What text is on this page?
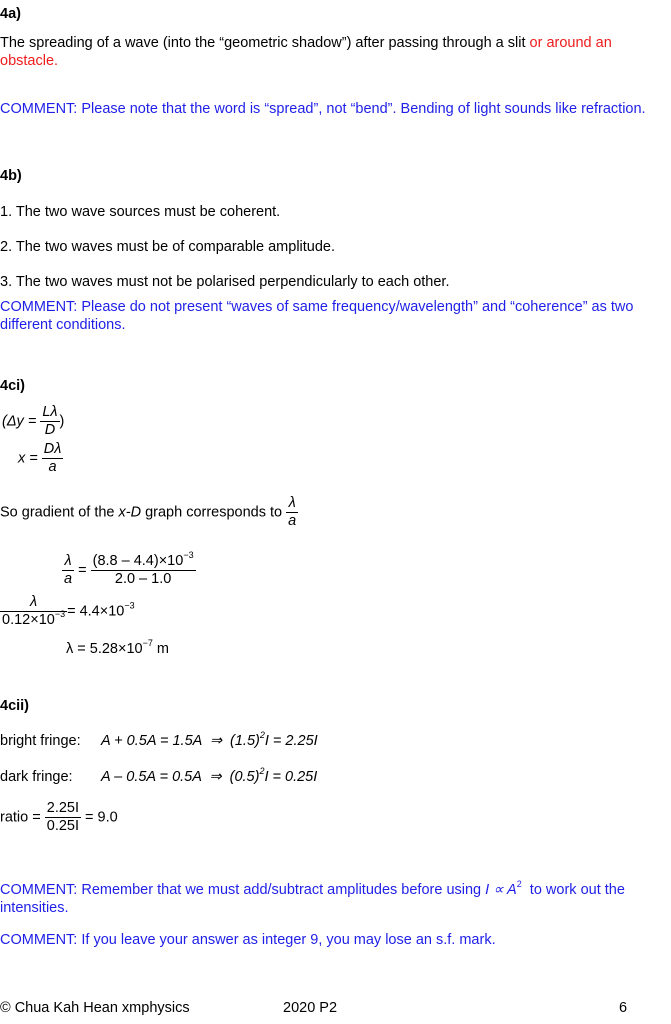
4a)
The spreading of a wave (into the “geometric shadow”) after passing through a slit or around an obstacle.
COMMENT: Please note that the word is “spread”, not “bend”. Bending of light sounds like refraction.
4b)
1. The two wave sources must be coherent.
2. The two waves must be of comparable amplitude.
3. The two waves must not be polarised perpendicularly to each other.
COMMENT: Please do not present “waves of same frequency/wavelength” and “coherence” as two different conditions.
4ci)
($\Delta y = \frac{L\lambda}{D}$ )
$x = \frac{D\lambda}{a}$
So gradient of the x-D graph corresponds to $\frac{\lambda}{a}$
$\frac{\lambda}{a} = \frac{(8.8 - 4.4)\times 10^{-3}}{2.0 - 1.0}$
$\frac{\lambda}{0.12\times 10^{-3}} = 4.4\times 10^{-3}$
$\lambda = 5.28\times 10^{-7}$ m
4cii)
bright fringe: A + 0.5A = 1.5A  ⇒  $(1.5)^2I = 2.25I$
dark fringe: A – 0.5A = 0.5A  ⇒  $(0.5)^2I = 0.25I$
ratio = $\frac{2.25I}{0.25I} = 9.0$
COMMENT: Remember that we must add/subtract amplitudes before using $I \propto A^2$  to work out the intensities.
COMMENT: If you leave your answer as integer 9, you may lose an s.f. mark.
© Chua Kah Hean xmphysics	2020 P2	6
